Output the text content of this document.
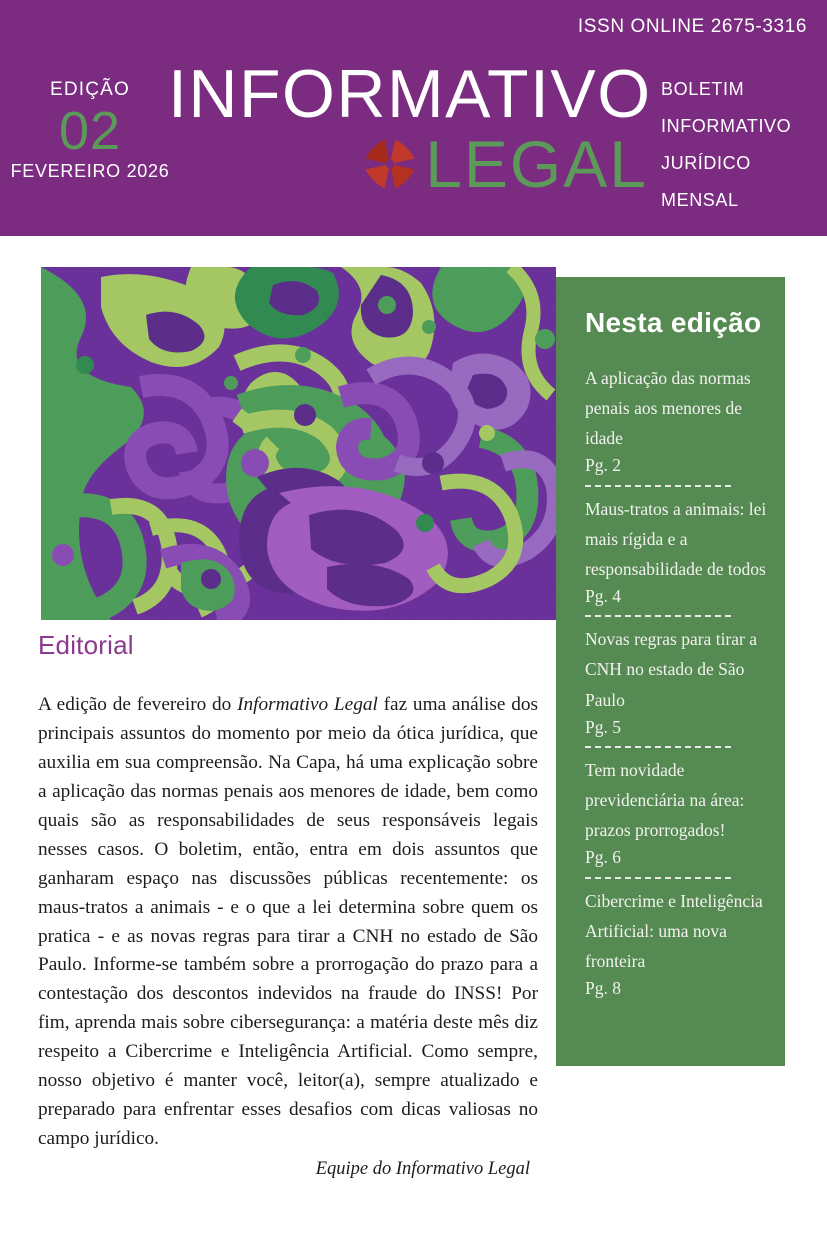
ISSN ONLINE 2675-3316
EDIÇÃO
02
FEVEREIRO 2026
INFORMATIVO
LEGAL
BOLETIM
INFORMATIVO
JURÍDICO
MENSAL
Nesta edição
A aplicação das normas penais aos menores de idade
Pg. 2
Maus-tratos a animais: lei mais rígida e a responsabilidade de todos
Pg. 4
Novas regras para tirar a CNH no estado de São Paulo
Pg. 5
Tem novidade previdenciária na área: prazos prorrogados!
Pg. 6
Cibercrime e Inteligência Artificial: uma nova fronteira
Pg. 8
Editorial

A edição de fevereiro do Informativo Legal faz uma análise dos principais assuntos do momento por meio da ótica jurídica, que auxilia em sua compreensão. Na Capa, há uma explicação sobre a aplicação das normas penais aos menores de idade, bem como quais são as responsabilidades de seus responsáveis legais nesses casos. O boletim, então, entra em dois assuntos que ganharam espaço nas discussões públicas recentemente: os maus-tratos a animais - e o que a lei determina sobre quem os pratica - e as novas regras para tirar a CNH no estado de São Paulo. Informe-se também sobre a prorrogação do prazo para a contestação dos descontos indevidos na fraude do INSS! Por fim, aprenda mais sobre cibersegurança: a matéria deste mês diz respeito a Cibercrime e Inteligência Artificial. Como sempre, nosso objetivo é manter você, leitor(a), sempre atualizado e preparado para enfrentar esses desafios com dicas valiosas no campo jurídico.

Equipe do Informativo Legal
